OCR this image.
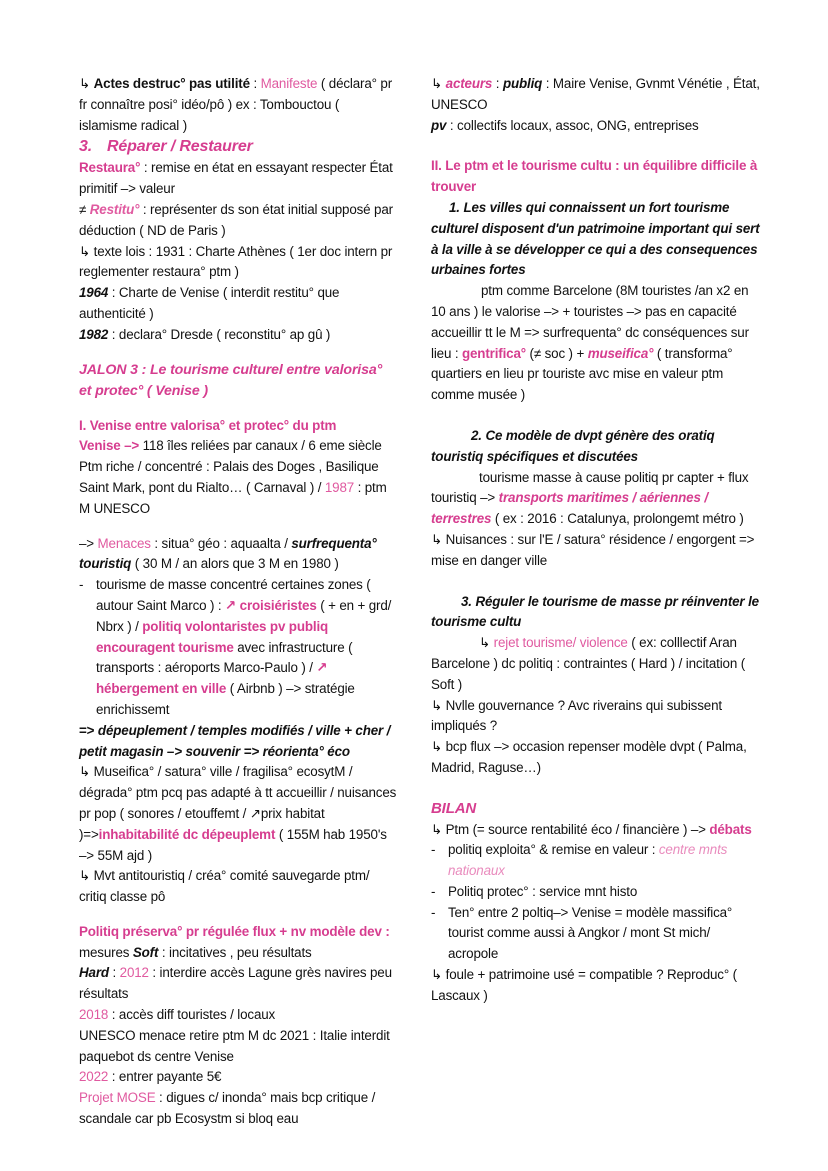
↳ Actes destruc° pas utilité : Manifeste ( déclara° pr fr connaître posi° idéo/pô ) ex : Tombouctou ( islamisme radical )

3. Réparer / Restaurer

Restaura° : remise en état en essayant respecter État primitif –> valeur

≠ Restitu° : représenter ds son état initial supposé par déduction ( ND de Paris )

↳ texte lois : 1931 : Charte Athènes ( 1er doc intern pr reglementer restaura° ptm )

1964 : Charte de Venise ( interdit restitu° que authenticité )

1982 : declara° Dresde ( reconstitu° ap gû )

JALON 3 : Le tourisme culturel entre valorisa° et protec° ( Venise )

I. Venise entre valorisa° et protec° du ptm

Venise –> 118 îles reliées par canaux / 6 eme siècle

Ptm riche / concentré : Palais des Doges , Basilique Saint Mark, pont du Rialto… ( Carnaval ) / 1987 : ptm M UNESCO

–> Menaces : situa° géo : aquaalta / surfrequenta° touristiq ( 30 M / an alors que 3 M en 1980 )

- tourisme de masse concentré certaines zones ( autour Saint Marco ) : ↗ croisiéristes ( + en + grd/ Nbrx ) / politiq volontaristes pv publiq encouragent tourisme avec infrastructure ( transports : aéroports Marco-Paulo ) / ↗ hébergement en ville ( Airbnb ) –> stratégie enrichissemt

=> dépeuplement / temples modifiés / ville + cher / petit magasin –> souvenir => réorienta° éco

↳ Museifica° / satura° ville / fragilisa° ecosytM / dégrada° ptm pcq pas adapté à tt accueillir / nuisances pr pop ( sonores / etouffemt / ↗prix habitat )=>inhabitabilité dc dépeuplemt ( 155M hab 1950's –> 55M ajd )

↳ Mvt antitouristiq / créa° comité sauvegarde ptm/ critiq classe pô

Politiq préserva° pr régulée flux + nv modèle dev :

mesures Soft : incitatives , peu résultats

Hard : 2012 : interdire accès Lagune grès navires peu résultats

2018 : accès diff touristes / locaux

UNESCO menace retire ptm M dc 2021 : Italie interdit paquebot ds centre Venise

2022 : entrer payante 5€

Projet MOSE : digues c/ inonda° mais bcp critique / scandale car pb Ecosystm si bloq eau

↳ acteurs : publiq : Maire Venise, Gvnmt Vénétie , État, UNESCO

pv : collectifs locaux, assoc, ONG, entreprises

II. Le ptm et le tourisme cultu : un équilibre difficile à trouver

1. Les villes qui connaissent un fort tourisme culturel disposent d'un patrimoine important qui sert à la ville à se développer ce qui a des consequences urbaines fortes

ptm comme Barcelone (8M touristes /an x2 en 10 ans ) le valorise –> + touristes –> pas en capacité accueillir tt le M => surfrequenta° dc conséquences sur lieu : gentrifica° (≠ soc ) + museifica° ( transforma° quartiers en lieu pr touriste avc mise en valeur ptm comme musée )

2. Ce modèle de dvpt génère des oratiq touristiq spécifiques et discutées

tourisme masse à cause politiq pr capter + flux touristiq –> transports maritimes / aériennes / terrestres ( ex : 2016 : Catalunya, prolongemt métro )

↳ Nuisances : sur l'E / satura° résidence / engorgent => mise en danger ville

3. Réguler le tourisme de masse pr réinventer le tourisme cultu

↳ rejet tourisme/ violence ( ex: colllectif Aran Barcelone ) dc politiq : contraintes ( Hard ) / incitation ( Soft )

↳ Nvlle gouvernance ? Avc riverains qui subissent impliqués ?

↳ bcp flux –> occasion repenser modèle dvpt ( Palma, Madrid, Raguse…)

BILAN

↳ Ptm (= source rentabilité éco / financière ) –> débats

- politiq exploita° & remise en valeur : centre mnts nationaux

- Politiq protec° : service mnt histo

- Ten° entre 2 poltiq–> Venise = modèle massifica° tourist comme aussi à Angkor / mont St mich/ acropole

↳ foule + patrimoine usé = compatible ? Reproduc° ( Lascaux )
